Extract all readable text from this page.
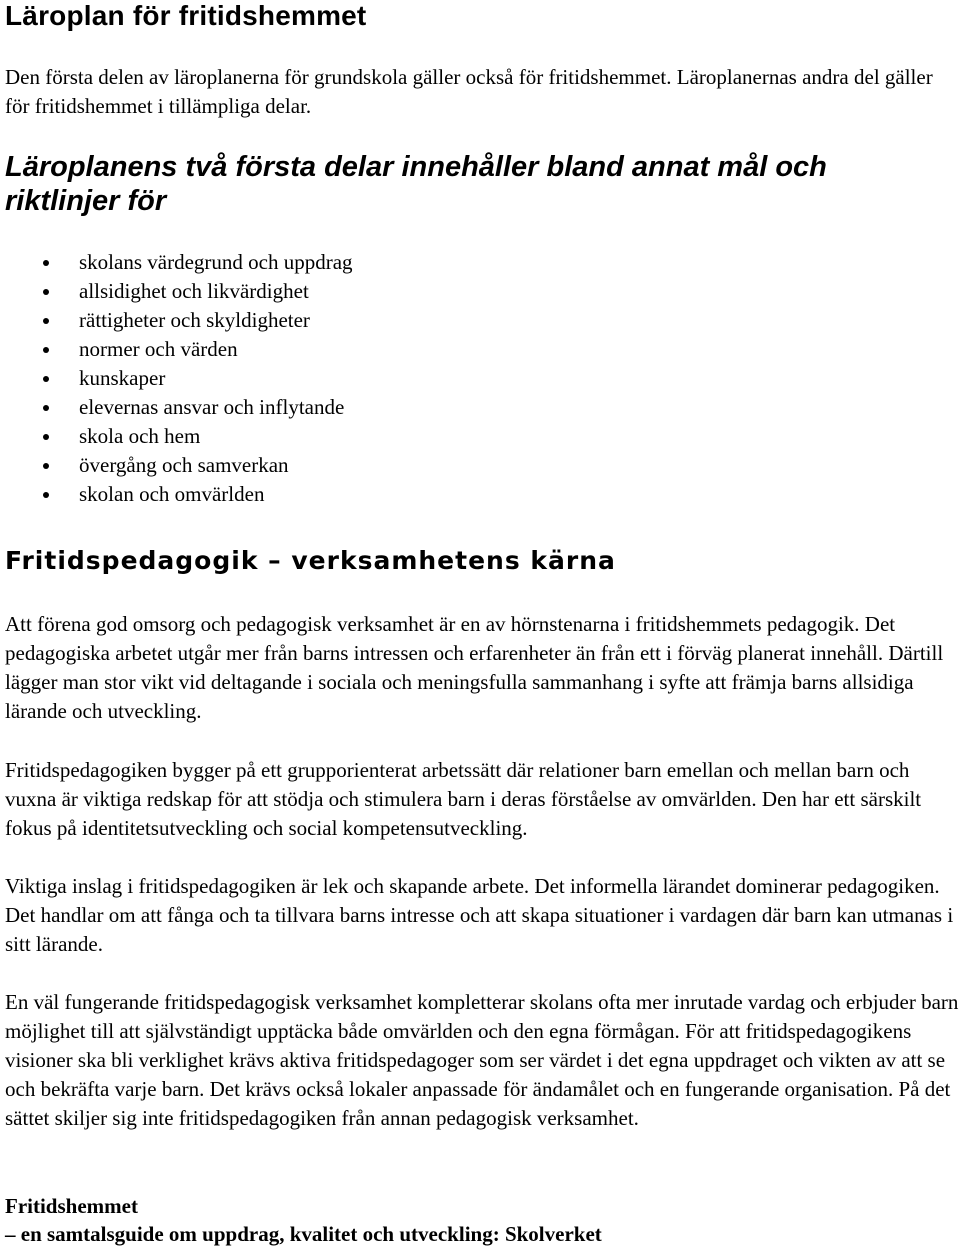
Läroplan för fritidshemmet

Den första delen av läroplanerna för grundskola gäller också för fritidshemmet. Läroplanernas andra del gäller för fritidshemmet i tillämpliga delar.

Läroplanens två första delar innehåller bland annat mål och riktlinjer för
skolans värdegrund och uppdrag
allsidighet och likvärdighet
rättigheter och skyldigheter
normer och värden
kunskaper
elevernas ansvar och inflytande
skola och hem
övergång och samverkan
skolan och omvärlden
Fritidspedagogik – verksamhetens kärna

Att förena god omsorg och pedagogisk verksamhet är en av hörnstenarna i fritidshemmets pedagogik. Det pedagogiska arbetet utgår mer från barns intressen och erfarenheter än från ett i förväg planerat innehåll. Därtill lägger man stor vikt vid deltagande i sociala och meningsfulla sammanhang i syfte att främja barns allsidiga lärande och utveckling.

Fritidspedagogiken bygger på ett grupporienterat arbetssätt där relationer barn emellan och mellan barn och vuxna är viktiga redskap för att stödja och stimulera barn i deras förståelse av omvärlden. Den har ett särskilt fokus på identitetsutveckling och social kompetensutveckling.

Viktiga inslag i fritidspedagogiken är lek och skapande arbete. Det informella lärandet dominerar pedagogiken. Det handlar om att fånga och ta tillvara barns intresse och att skapa situationer i vardagen där barn kan utmanas i sitt lärande.

En väl fungerande fritidspedagogisk verksamhet kompletterar skolans ofta mer inrutade vardag och erbjuder barn möjlighet till att självständigt upptäcka både omvärlden och den egna förmågan. För att fritidspedagogikens visioner ska bli verklighet krävs aktiva fritidspedagoger som ser värdet i det egna uppdraget och vikten av att se och bekräfta varje barn. Det krävs också lokaler anpassade för ändamålet och en fungerande organisation. På det sättet skiljer sig inte fritidspedagogiken från annan pedagogisk verksamhet.

Fritidshemmet
– en samtalsguide om uppdrag, kvalitet och utveckling: Skolverket
